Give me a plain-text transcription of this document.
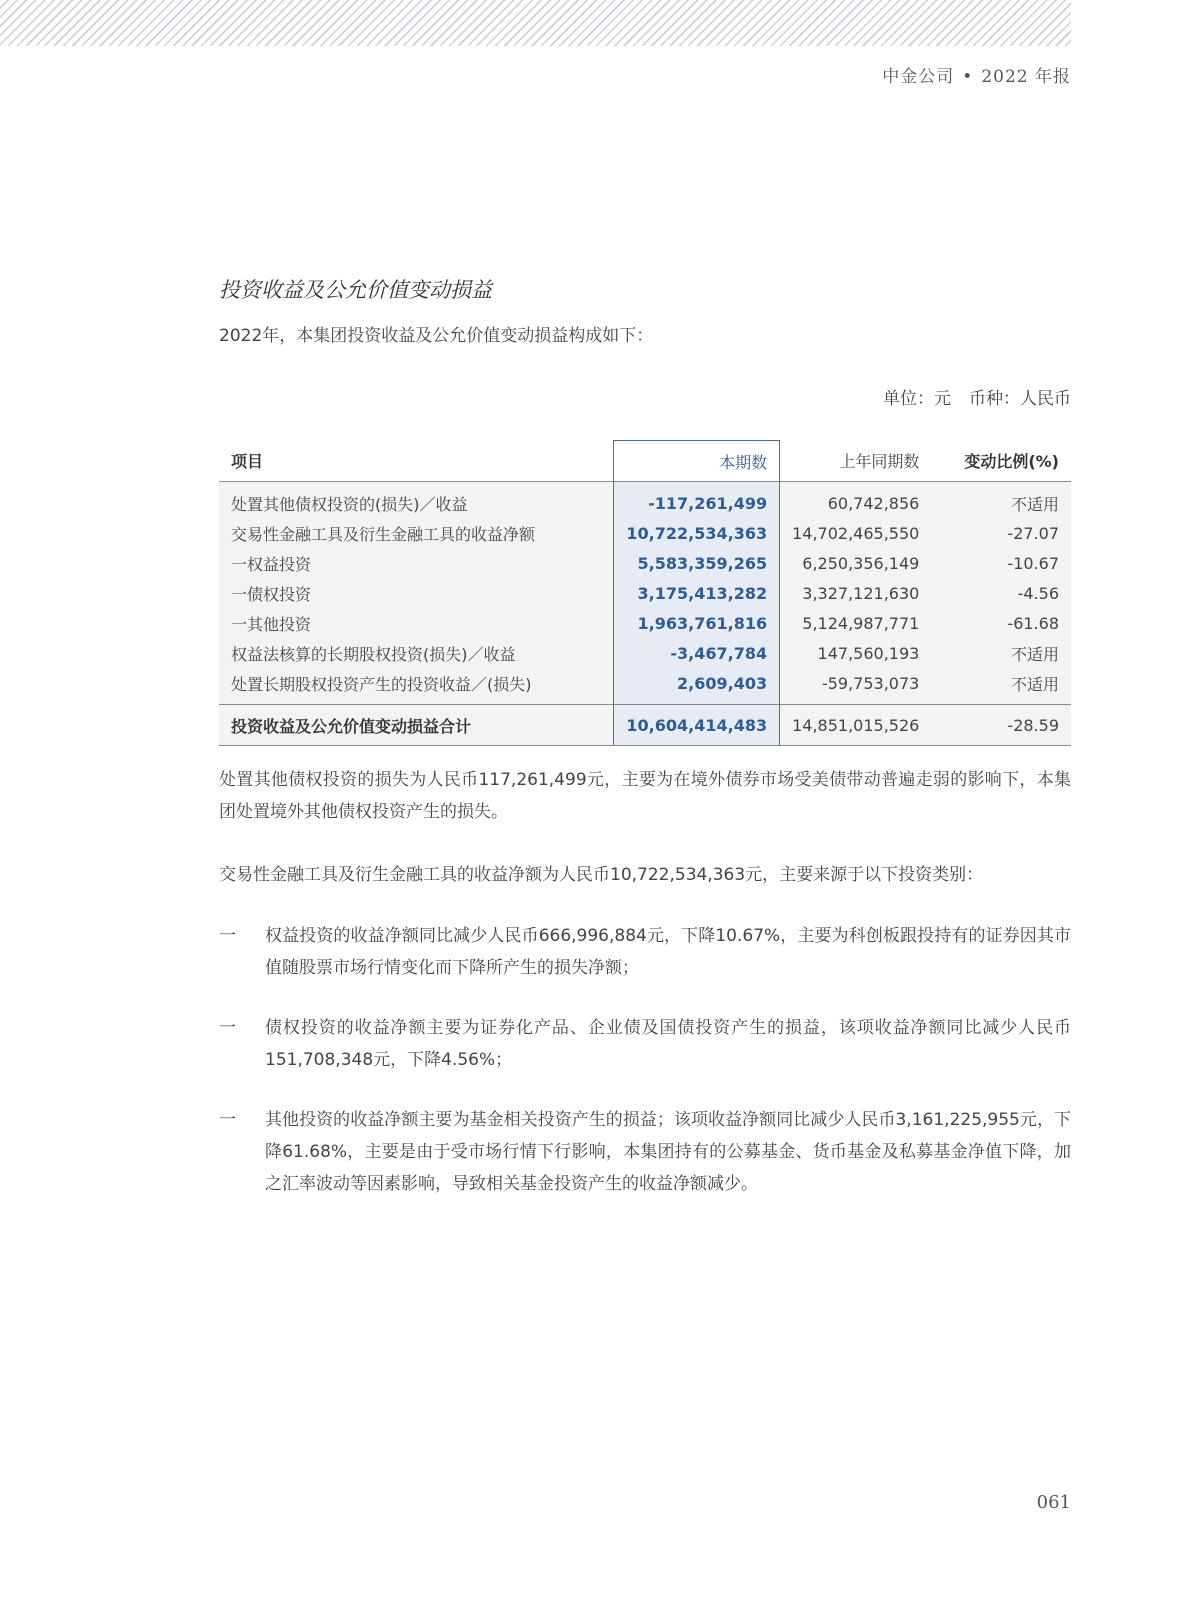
中金公司 • 2022 年报
投资收益及公允价值变动损益
2022年，本集团投资收益及公允价值变动损益构成如下：
单位：元 币种：人民币
项目	本期数	上年同期数	变动比例(%)
处置其他债权投资的(损失)／收益	-117,261,499	60,742,856	不适用
交易性金融工具及衍生金融工具的收益净额	10,722,534,363	14,702,465,550	-27.07
一权益投资	5,583,359,265	6,250,356,149	-10.67
一债权投资	3,175,413,282	3,327,121,630	-4.56
一其他投资	1,963,761,816	5,124,987,771	-61.68
权益法核算的长期股权投资(损失)／收益	-3,467,784	147,560,193	不适用
处置长期股权投资产生的投资收益／(损失)	2,609,403	-59,753,073	不适用
投资收益及公允价值变动损益合计	10,604,414,483	14,851,015,526	-28.59

处置其他债权投资的损失为人民币117,261,499元，主要为在境外债券市场受美债带动普遍走弱的影响下，本集团处置境外其他债权投资产生的损失。

交易性金融工具及衍生金融工具的收益净额为人民币10,722,534,363元，主要来源于以下投资类别：

一 权益投资的收益净额同比减少人民币666,996,884元，下降10.67%，主要为科创板跟投持有的证券因其市值随股票市场行情变化而下降所产生的损失净额；
一 债权投资的收益净额主要为证券化产品、企业债及国债投资产生的损益，该项收益净额同比减少人民币151,708,348元，下降4.56%；
一 其他投资的收益净额主要为基金相关投资产生的损益；该项收益净额同比减少人民币3,161,225,955元，下降61.68%，主要是由于受市场行情下行影响，本集团持有的公募基金、货币基金及私募基金净值下降，加之汇率波动等因素影响，导致相关基金投资产生的收益净额减少。
061
